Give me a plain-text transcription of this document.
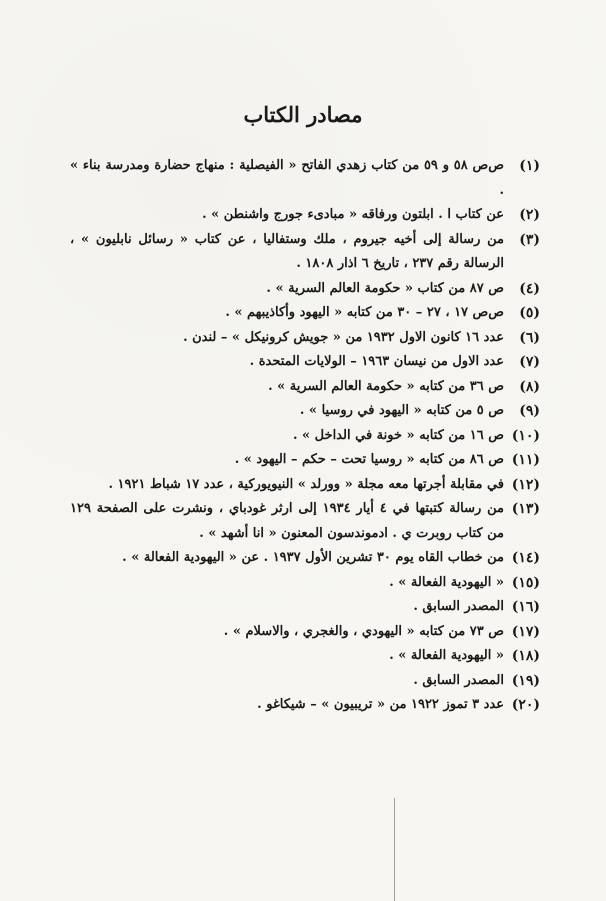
مصادر الكتاب
(١)
ص‌ص ٥٨ و ٥٩ من كتاب زهدي الفاتح « الفيصلية : منهاج حضارة ومدرسة بناء » .
(٢)
عن كتاب ا . ابلتون ورفاقه « مبادیء جورج واشنطن » .
(٣)
من رسالة إلى أخيه جيروم ، ملك وستفاليا ، عن كتاب « رسائل نابليون » ، الرسالة رقم ٢٣٧ ، تاريخ ٦ اذار ١٨٠٨ .
(٤)
ص ٨٧ من كتاب « حكومة العالم السرية » .
(٥)
ص‌ص ١٧ ، ٢٧ – ٣٠ من كتابه « اليهود وأكاذيبهم » .
(٦)
عدد ١٦ كانون الاول ١٩٣٢ من « جويش كرونيكل » – لندن .
(٧)
عدد الاول من نيسان ١٩٦٣ – الولايات المتحدة .
(٨)
ص ٣٦ من كتابه « حكومة العالم السرية » .
(٩)
ص ٥ من كتابه « اليهود في روسيا » .
(١٠)
ص ١٦ من كتابه « خونة في الداخل » .
(١١)
ص ٨٦ من كتابه « روسيا تحت – حكم – اليهود » .
(١٢)
في مقابلة أجرتها معه مجلة « وورلد » النيويوركية ، عدد ١٧ شباط ١٩٢١ .
(١٣)
من رسالة كتبتها في ٤ أيار ١٩٣٤ إلى ارثر غودباي ، ونشرت على الصفحة ١٢٩ من كتاب روبرت ي . ادموندسون المعنون « انا أشهد » .
(١٤)
من خطاب القاه يوم ٣٠ تشرين الأول ١٩٣٧ . عن « اليهودية الفعالة » .
(١٥)
« اليهودية الفعالة » .
(١٦)
المصدر السابق .
(١٧)
ص ٧٣ من كتابه « اليهودي ، والغجري ، والاسلام » .
(١٨)
« اليهودية الفعالة » .
(١٩)
المصدر السابق .
(٢٠)
عدد ٣ تموز ١٩٢٢ من « تريبيون » – شيكاغو .
